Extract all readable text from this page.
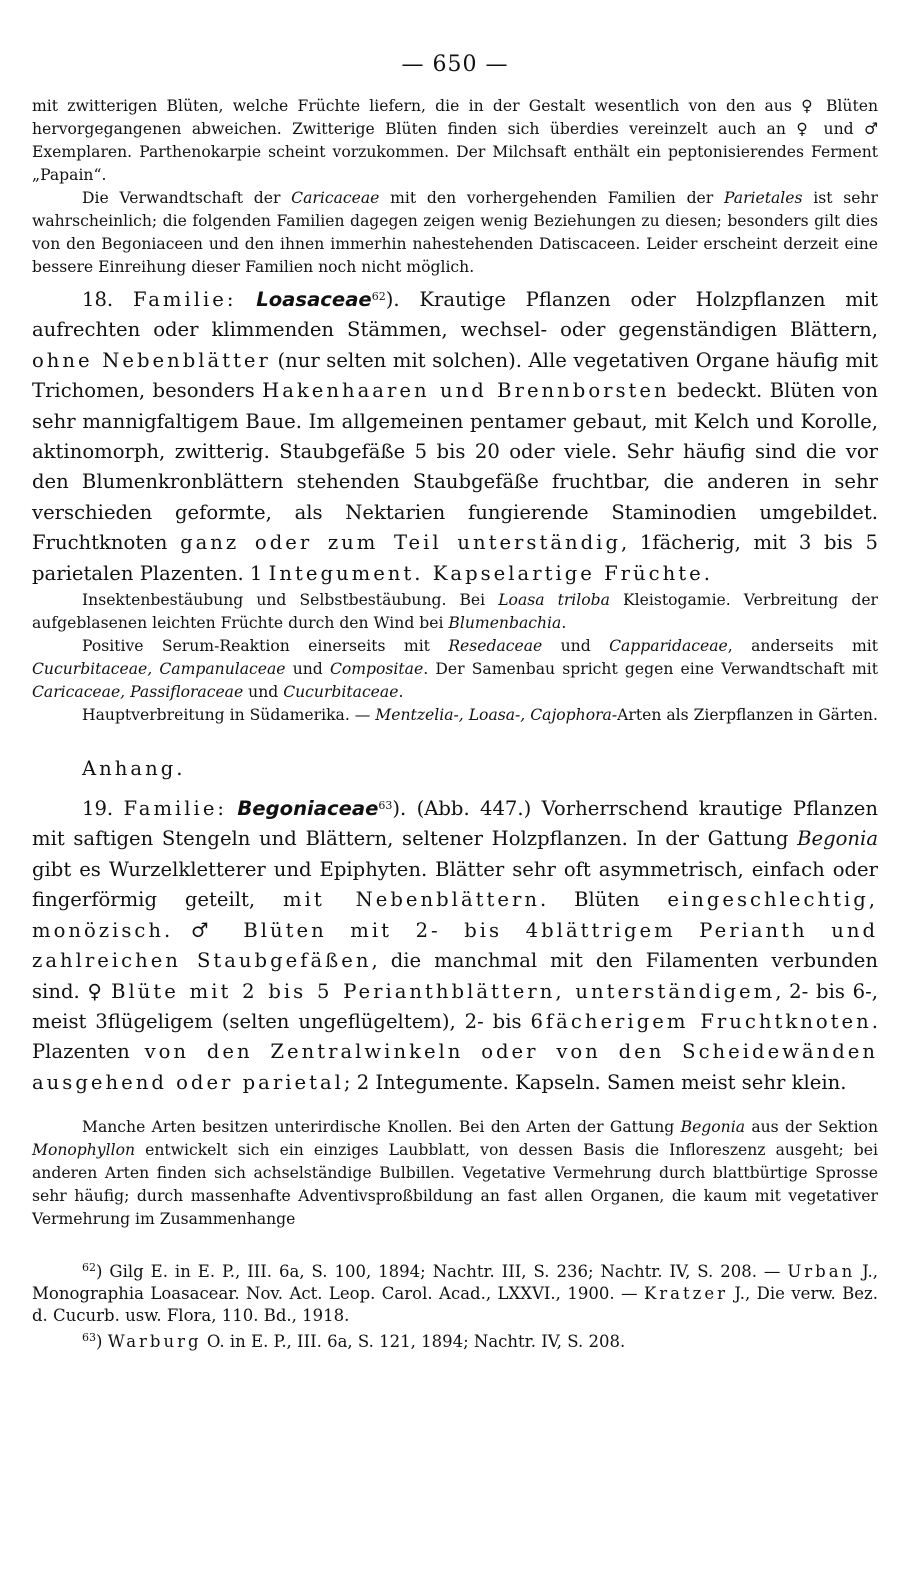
— 650 —

mit zwitterigen Blüten, welche Früchte liefern, die in der Gestalt wesentlich von den aus ♀ Blüten hervorgegangenen abweichen. Zwitterige Blüten finden sich überdies vereinzelt auch an ♀ und ♂ Exemplaren. Parthenokarpie scheint vorzukommen. Der Milchsaft enthält ein peptonisierendes Ferment „Papain“.

Die Verwandtschaft der Caricaceae mit den vorhergehenden Familien der Parietales ist sehr wahrscheinlich; die folgenden Familien dagegen zeigen wenig Beziehungen zu diesen; besonders gilt dies von den Begoniaceen und den ihnen immerhin nahestehenden Datiscaceen. Leider erscheint derzeit eine bessere Einreihung dieser Familien noch nicht möglich.

18. Familie: Loasaceae$^{62}$). Krautige Pflanzen oder Holzpflanzen mit aufrechten oder klimmenden Stämmen, wechsel- oder gegenständigen Blättern, ohne Nebenblätter (nur selten mit solchen). Alle vegetativen Organe häufig mit Trichomen, besonders Hakenhaaren und Brennborsten bedeckt. Blüten von sehr mannigfaltigem Baue. Im allgemeinen pentamer gebaut, mit Kelch und Korolle, aktinomorph, zwitterig. Staubgefäße 5 bis 20 oder viele. Sehr häufig sind die vor den Blumenkronblättern stehenden Staubgefäße fruchtbar, die anderen in sehr verschieden geformte, als Nektarien fungierende Staminodien umgebildet. Fruchtknoten ganz oder zum Teil unterständig, 1fächerig, mit 3 bis 5 parietalen Plazenten. 1 Integument. Kapselartige Früchte.

Insektenbestäubung und Selbstbestäubung. Bei Loasa triloba Kleistogamie. Verbreitung der aufgeblasenen leichten Früchte durch den Wind bei Blumenbachia.

Positive Serum-Reaktion einerseits mit Resedaceae und Capparidaceae, anderseits mit Cucurbitaceae, Campanulaceae und Compositae. Der Samenbau spricht gegen eine Verwandtschaft mit Caricaceae, Passifloraceae und Cucurbitaceae.

Hauptverbreitung in Südamerika. — Mentzelia-, Loasa-, Cajophora-Arten als Zierpflanzen in Gärten.

Anhang.

19. Familie: Begoniaceae$^{63}$). (Abb. 447.) Vorherrschend krautige Pflanzen mit saftigen Stengeln und Blättern, seltener Holzpflanzen. In der Gattung Begonia gibt es Wurzelkletterer und Epiphyten. Blätter sehr oft asymmetrisch, einfach oder fingerförmig geteilt, mit Nebenblättern. Blüten eingeschlechtig, monözisch. ♂ Blüten mit 2- bis 4blättrigem Perianth und zahlreichen Staubgefäßen, die manchmal mit den Filamenten verbunden sind. ♀ Blüte mit 2 bis 5 Perianthblättern, unterständigem, 2- bis 6-, meist 3flügeligem (selten ungeflügeltem), 2- bis 6fächerigem Fruchtknoten. Plazenten von den Zentralwinkeln oder von den Scheidewänden ausgehend oder parietal; 2 Integumente. Kapseln. Samen meist sehr klein.

Manche Arten besitzen unterirdische Knollen. Bei den Arten der Gattung Begonia aus der Sektion Monophyllon entwickelt sich ein einziges Laubblatt, von dessen Basis die Infloreszenz ausgeht; bei anderen Arten finden sich achselständige Bulbillen. Vegetative Vermehrung durch blattbürtige Sprosse sehr häufig; durch massenhafte Adventivsproßbildung an fast allen Organen, die kaum mit vegetativer Vermehrung im Zusammenhange

$^{62}$) Gilg E. in E. P., III. 6a, S. 100, 1894; Nachtr. III, S. 236; Nachtr. IV, S. 208. — Urban J., Monographia Loasacear. Nov. Act. Leop. Carol. Acad., LXXVI., 1900. — Kratzer J., Die verw. Bez. d. Cucurb. usw. Flora, 110. Bd., 1918.

$^{63}$) Warburg O. in E. P., III. 6a, S. 121, 1894; Nachtr. IV, S. 208.
